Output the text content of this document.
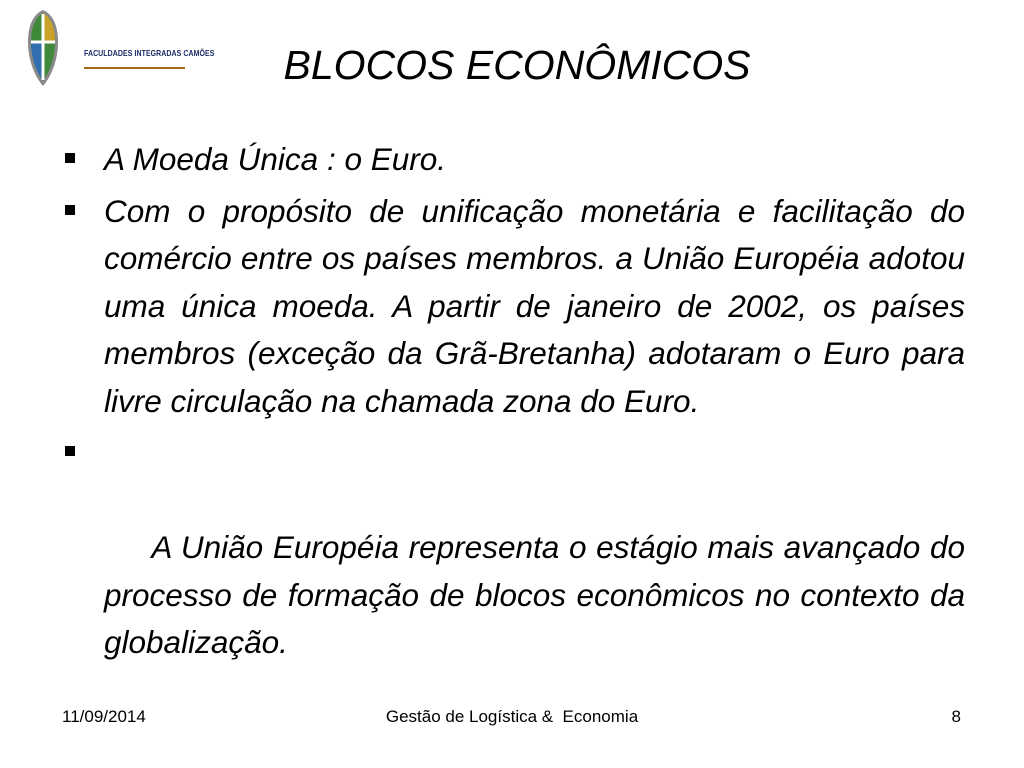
FACULDADES INTEGRADAS CAMÕES	BLOCOS ECONÔMICOS
A Moeda Única : o Euro.
Com o propósito de unificação monetária e facilitação do comércio entre os países membros. a União Européia adotou uma única moeda. A partir de janeiro de 2002, os países membros (exceção da Grã-Bretanha) adotaram o Euro para livre circulação na chamada zona do Euro.

A União Européia representa o estágio mais avançado do processo de formação de blocos econômicos no contexto da globalização.

11/09/2014	Gestão de Logística &  Economia	8
